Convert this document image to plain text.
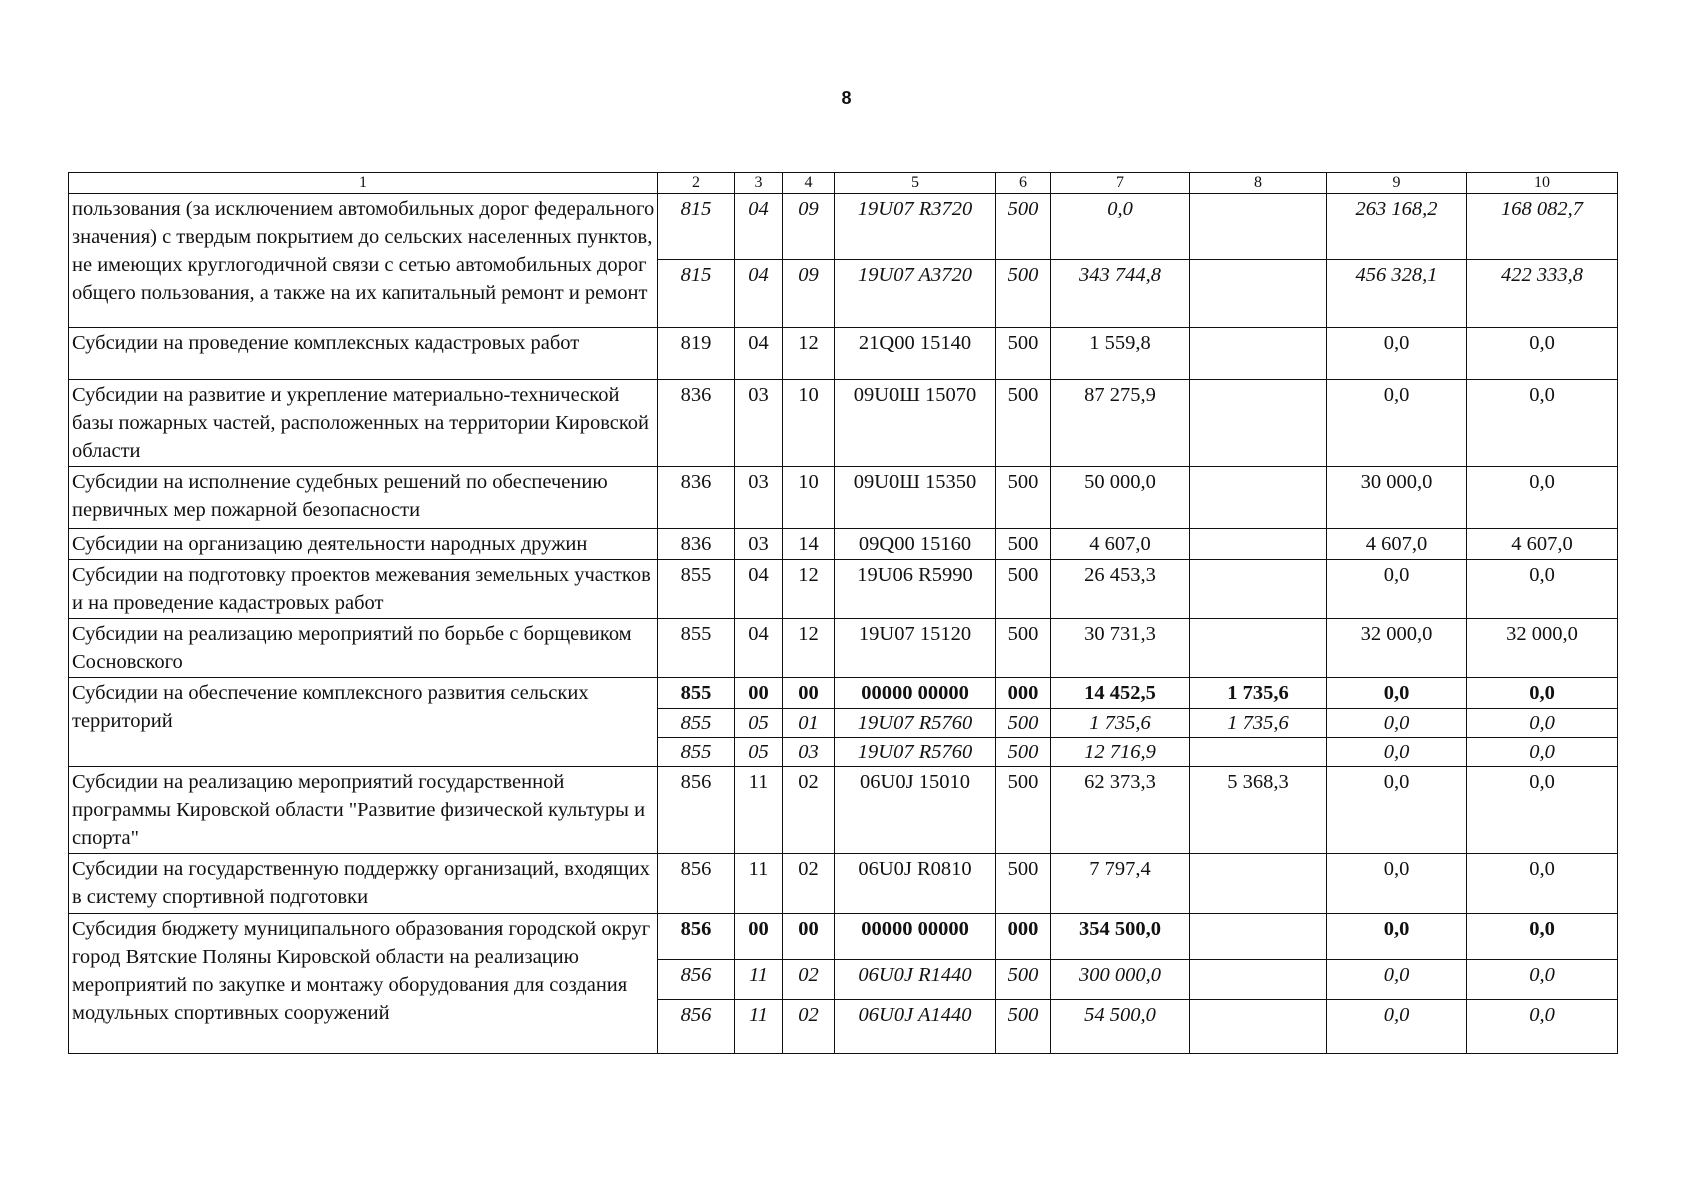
8
1	2	3	4	5	6	7	8	9	10
пользования (за исключением автомобильных дорог федерального значения) с твердым покрытием до сельских населенных пунктов, не имеющих круглогодичной связи с сетью автомобильных дорог общего пользования, а также на их капитальный ремонт и ремонт	815	04	09	19U07 R3720	500	0,0		263 168,2	168 082,7
	815	04	09	19U07 A3720	500	343 744,8		456 328,1	422 333,8
Субсидии на проведение комплексных кадастровых работ	819	04	12	21Q00 15140	500	1 559,8		0,0	0,0
Субсидии на развитие и укрепление материально-технической базы пожарных частей, расположенных на территории Кировской области	836	03	10	09U0Ш 15070	500	87 275,9		0,0	0,0
Субсидии на исполнение судебных решений по обеспечению первичных мер пожарной безопасности	836	03	10	09U0Ш 15350	500	50 000,0		30 000,0	0,0
Субсидии на организацию деятельности народных дружин	836	03	14	09Q00 15160	500	4 607,0		4 607,0	4 607,0
Субсидии на подготовку проектов межевания земельных участков и на проведение кадастровых работ	855	04	12	19U06 R5990	500	26 453,3		0,0	0,0
Субсидии на реализацию мероприятий по борьбе с борщевиком Сосновского	855	04	12	19U07 15120	500	30 731,3		32 000,0	32 000,0
Субсидии на обеспечение комплексного развития сельских территорий	855	00	00	00000 00000	000	14 452,5	1 735,6	0,0	0,0
	855	05	01	19U07 R5760	500	1 735,6	1 735,6	0,0	0,0
	855	05	03	19U07 R5760	500	12 716,9		0,0	0,0
Субсидии на реализацию мероприятий государственной программы Кировской области "Развитие физической культуры и спорта"	856	11	02	06U0J 15010	500	62 373,3	5 368,3	0,0	0,0
Субсидии на государственную поддержку организаций, входящих в систему спортивной подготовки	856	11	02	06U0J R0810	500	7 797,4		0,0	0,0
Субсидия бюджету муниципального образования городской округ город Вятские Поляны Кировской области на реализацию мероприятий по закупке и монтажу оборудования для создания модульных спортивных сооружений	856	00	00	00000 00000	000	354 500,0		0,0	0,0
	856	11	02	06U0J R1440	500	300 000,0		0,0	0,0
	856	11	02	06U0J A1440	500	54 500,0		0,0	0,0
